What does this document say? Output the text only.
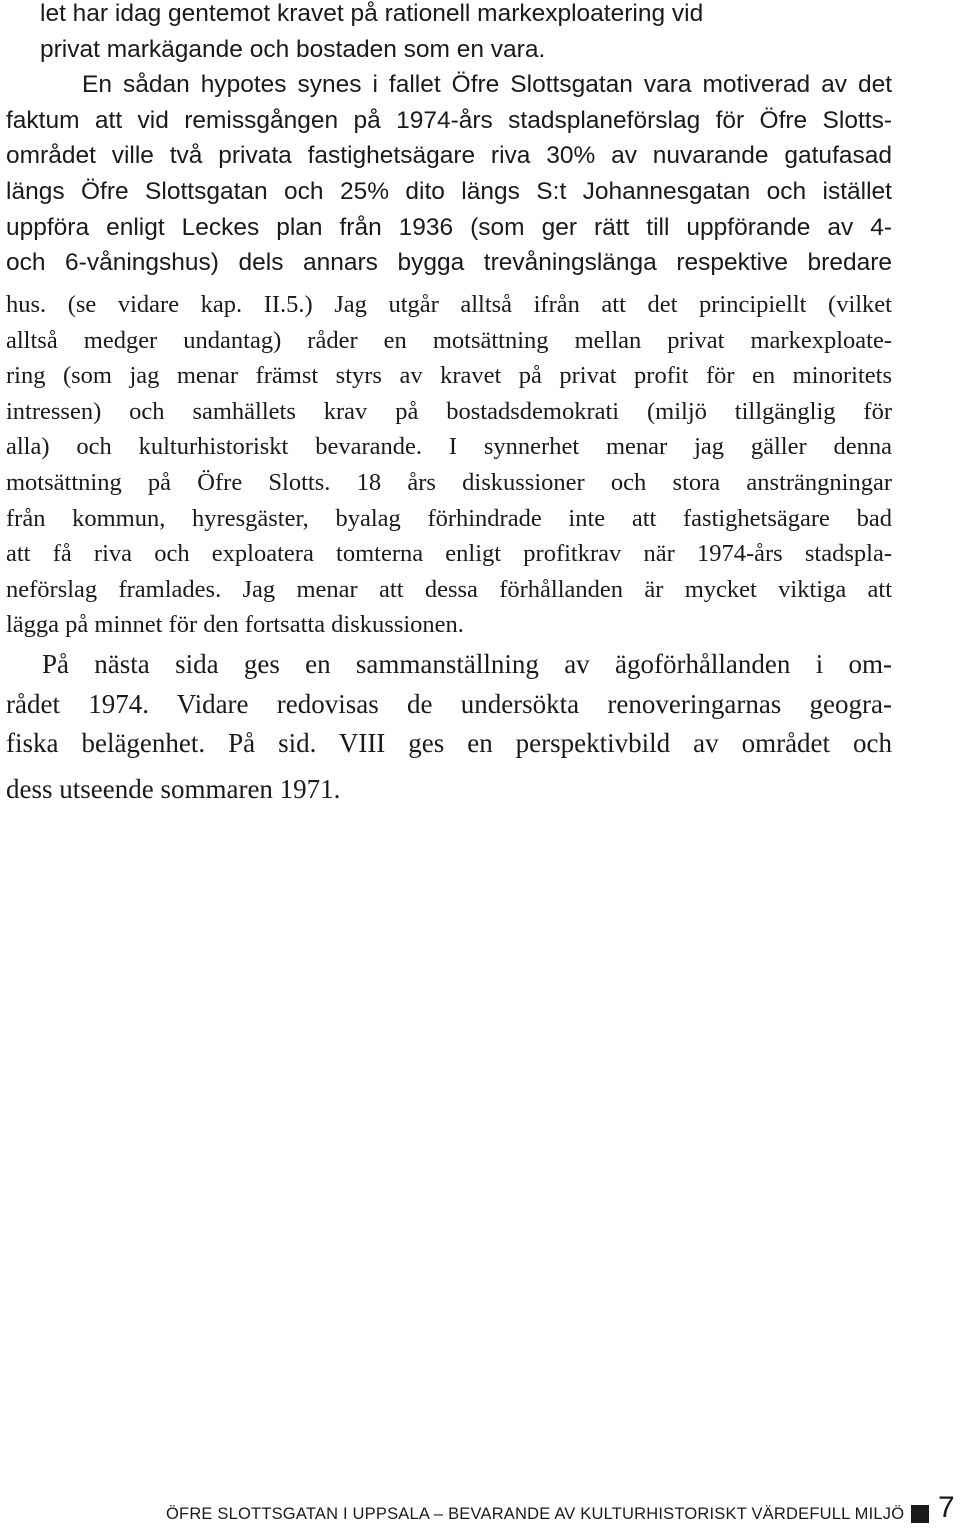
let har idag gentemot kravet på rationell markexploatering vid
privat markägande och bostaden som en vara.
En sådan hypotes synes i fallet Öfre Slottsgatan vara motiverad av det
faktum att vid remissgången på 1974-års stadsplaneförslag för Öfre Slotts-
området ville två privata fastighetsägare riva 30% av nuvarande gatufasad
längs Öfre Slottsgatan och 25% dito längs S:t Johannesgatan och istället
uppföra enligt Leckes plan från 1936 (som ger rätt till uppförande av 4-
och 6-våningshus) dels annars bygga trevåningslänga respektive bredare
hus. (se vidare kap. II.5.) Jag utgår alltså ifrån att det principiellt (vilket
alltså medger undantag) råder en motsättning mellan privat markexploate-
ring (som jag menar främst styrs av kravet på privat profit för en minoritets
intressen) och samhällets krav på bostadsdemokrati (miljö tillgänglig för
alla) och kulturhistoriskt bevarande. I synnerhet menar jag gäller denna
motsättning på Öfre Slotts. 18 års diskussioner och stora ansträngningar
från kommun, hyresgäster, byalag förhindrade inte att fastighetsägare bad
att få riva och exploatera tomterna enligt profitkrav när 1974-års stadspla-
neförslag framlades. Jag menar att dessa förhållanden är mycket viktiga att
lägga på minnet för den fortsatta diskussionen.
På nästa sida ges en sammanställning av ägoförhållanden i om-
rådet 1974. Vidare redovisas de undersökta renoveringarnas geogra-
fiska belägenhet. På sid. VIII ges en perspektivbild av området och
dess utseende sommaren 1971.
ÖFRE SLOTTSGATAN I UPPSALA – BEVARANDE AV KULTURHISTORISKT VÄRDEFULL MILJÖ 7
